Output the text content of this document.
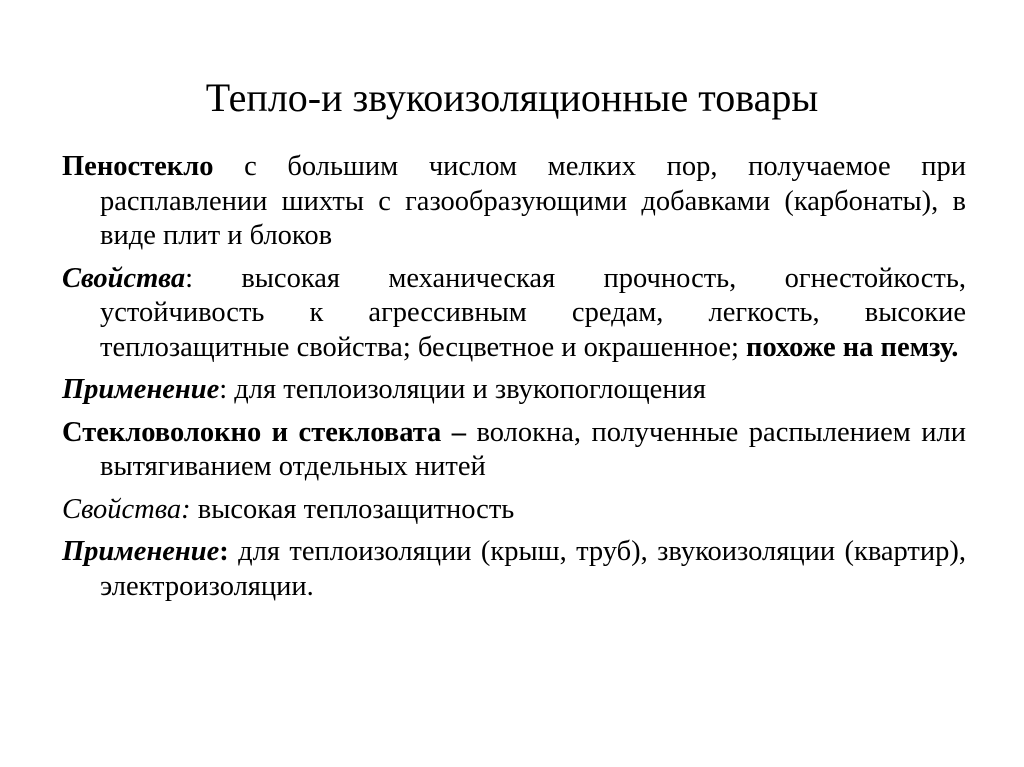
Тепло-и звукоизоляционные товары

Пеностекло с большим числом мелких пор, получаемое при расплавлении шихты с газообразующими добавками (карбонаты), в виде плит и блоков

Свойства: высокая механическая прочность, огнестойкость, устойчивость к агрессивным средам, легкость, высокие теплозащитные свойства; бесцветное и окрашенное; похоже на пемзу.

Применение: для теплоизоляции и звукопоглощения

Стекловолокно и стекловата – волокна, полученные распылением или вытягиванием отдельных нитей

Свойства: высокая теплозащитность

Применение: для теплоизоляции (крыш, труб), звукоизоляции (квартир), электроизоляции.
